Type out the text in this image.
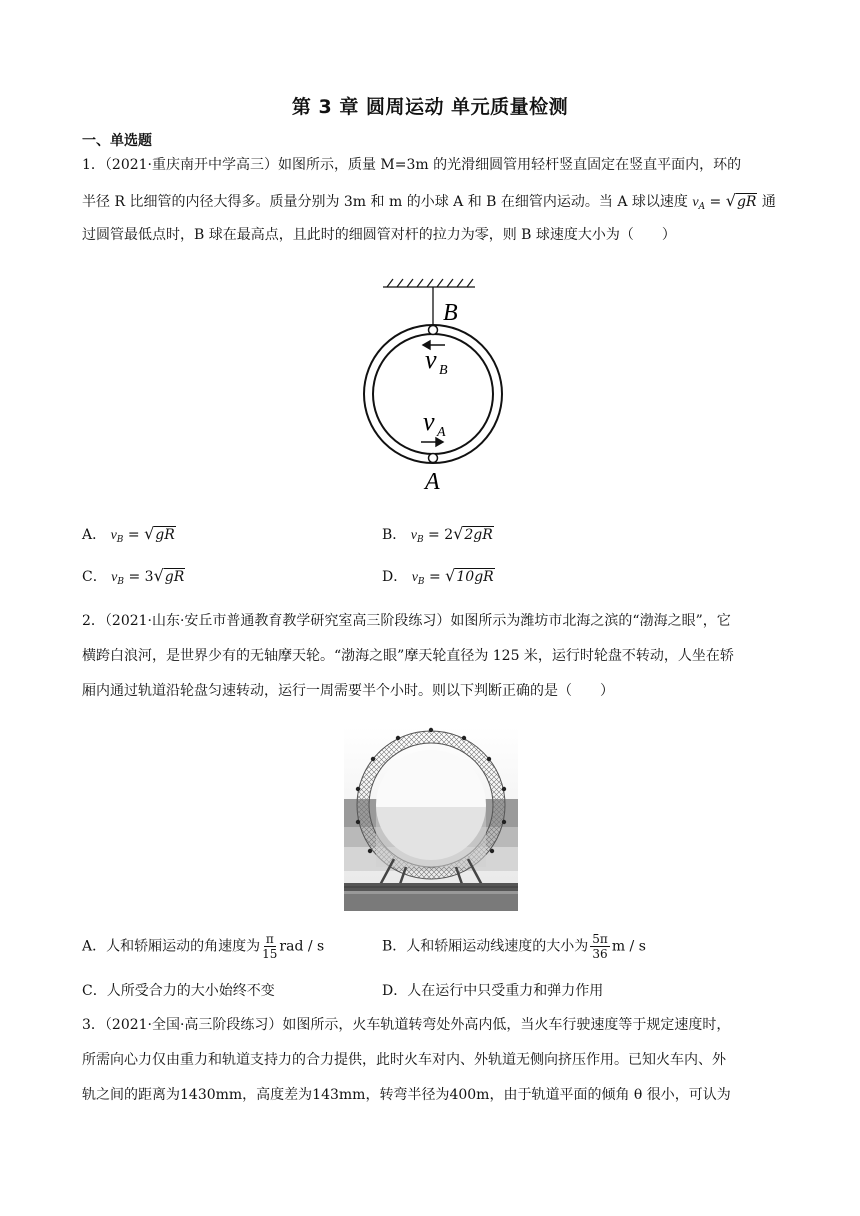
第 3 章 圆周运动 单元质量检测
一、单选题
1．（2021·重庆南开中学高三）如图所示，质量 M=3m 的光滑细圆管用轻杆竖直固定在竖直平面内，环的
半径 R 比细管的内径大得多。质量分别为 3m 和 m 的小球 A 和 B 在细管内运动。当 A 球以速度 $v_A = √gR$ 通
过圆管最低点时，B 球在最高点，且此时的细圆管对杆的拉力为零，则 B 球速度大小为（　　）
B
v B
v A
A
A． $v_B = √gR$	B． $v_B = 2√2gR$
C． $v_B = 3√gR$	D． $v_B = √10gR$
2．（2021·山东·安丘市普通教育教学研究室高三阶段练习）如图所示为潍坊市北海之滨的“渤海之眼”，它
横跨白浪河，是世界少有的无轴摩天轮。“渤海之眼”摩天轮直径为 125 米，运行时轮盘不转动，人坐在轿
厢内通过轨道沿轮盘匀速转动，运行一周需要半个小时。则以下判断正确的是（　　）
A．人和轿厢运动的角速度为 $\frac{\pi}{15}$ rad / s	B．人和轿厢运动线速度的大小为 $\frac{5\pi}{36}$ m / s
C．人所受合力的大小始终不变	D．人在运行中只受重力和弹力作用
3．（2021·全国·高三阶段练习）如图所示，火车轨道转弯处外高内低，当火车行驶速度等于规定速度时，
所需向心力仅由重力和轨道支持力的合力提供，此时火车对内、外轨道无侧向挤压作用。已知火车内、外
轨之间的距离为1430mm，高度差为143mm，转弯半径为400m，由于轨道平面的倾角 θ 很小，可认为
